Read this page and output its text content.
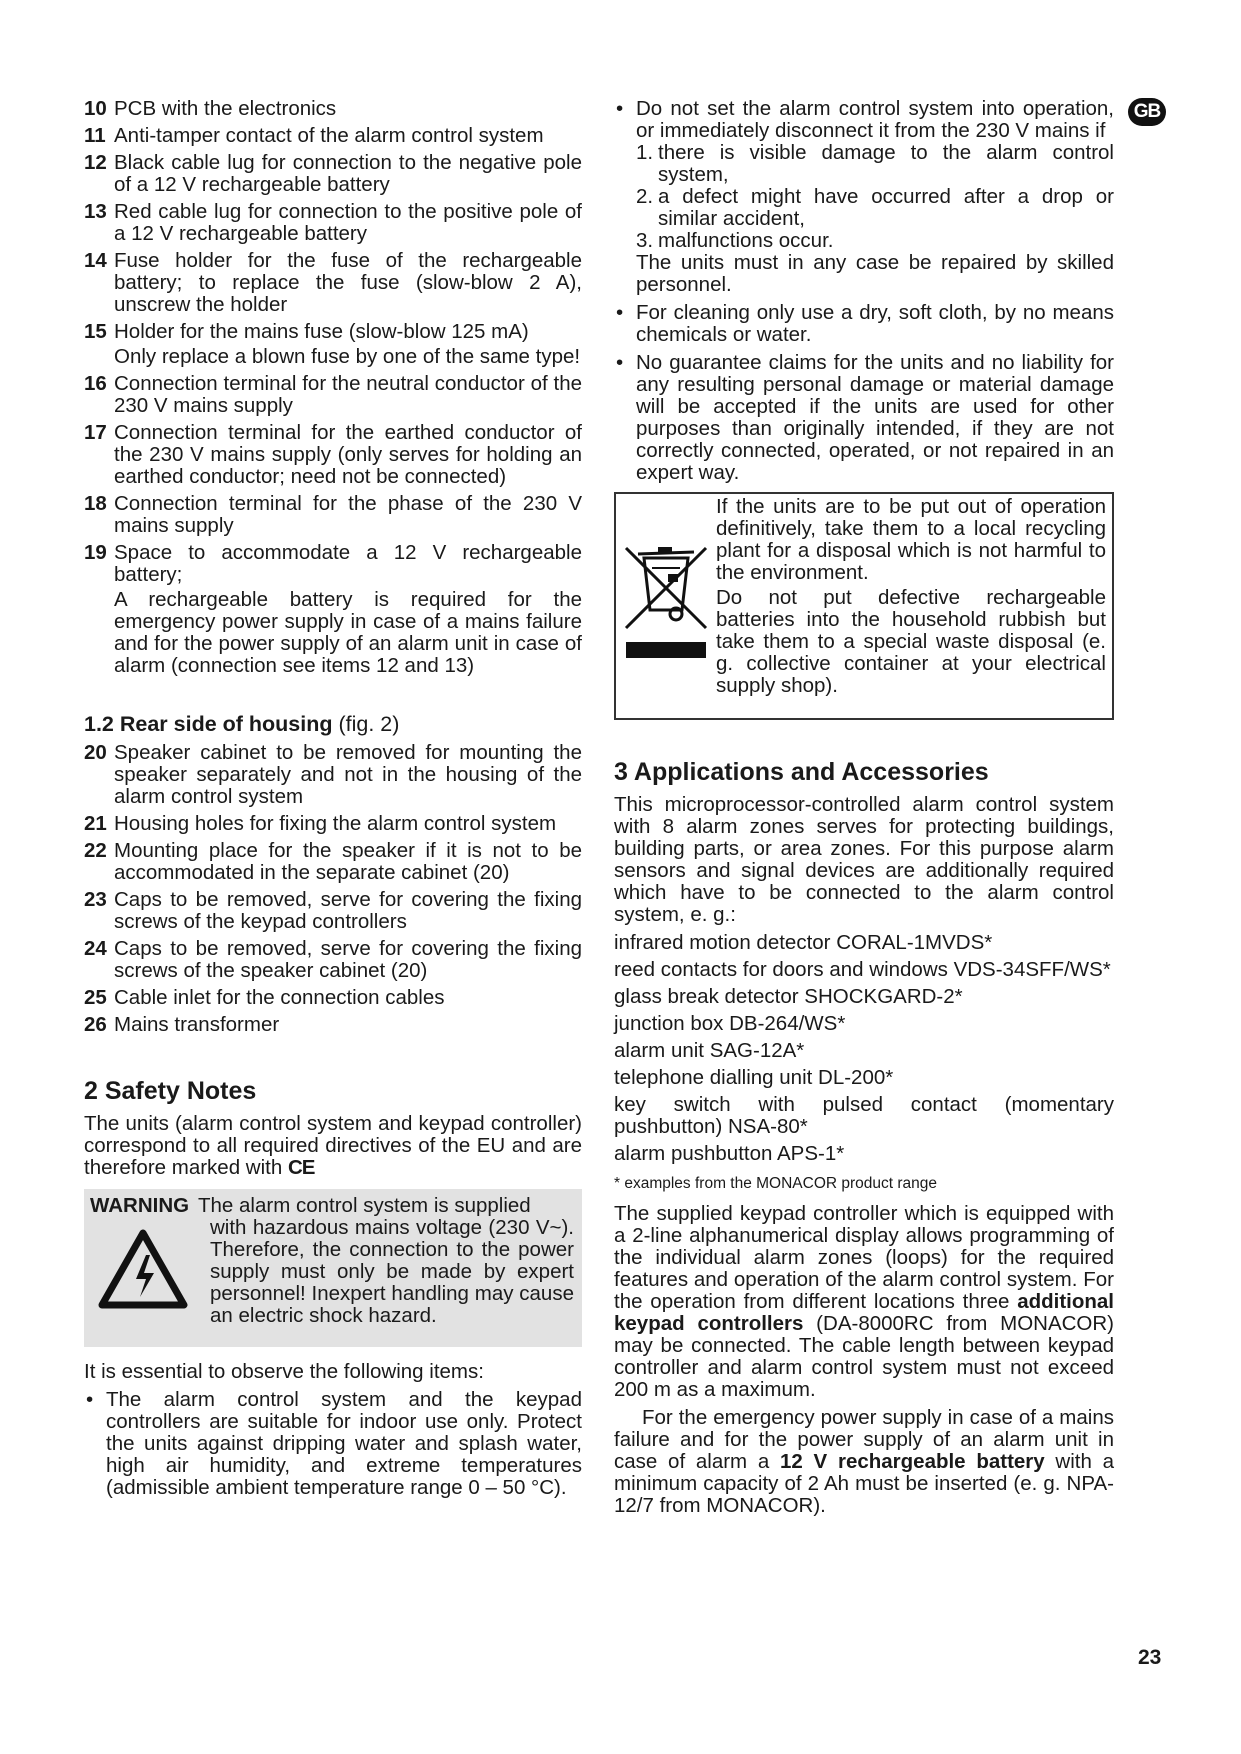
GB
10 PCB with the electronics
11 Anti-tamper contact of the alarm control system
12 Black cable lug for connection to the negative pole of a 12 V rechargeable battery
13 Red cable lug for connection to the positive pole of a 12 V rechargeable battery
14 Fuse holder for the fuse of the rechargeable battery; to replace the fuse (slow-blow 2 A), unscrew the holder
15 Holder for the mains fuse (slow-blow 125 mA)
Only replace a blown fuse by one of the same type!
16 Connection terminal for the neutral conductor of the 230 V mains supply
17 Connection terminal for the earthed conductor of the 230 V mains supply (only serves for holding an earthed conductor; need not be connected)
18 Connection terminal for the phase of the 230 V mains supply
19 Space to accommodate a 12 V rechargeable battery;
A rechargeable battery is required for the emergency power supply in case of a mains failure and for the power supply of an alarm unit in case of alarm (connection see items 12 and 13)
1.2 Rear side of housing (fig. 2)
20 Speaker cabinet to be removed for mounting the speaker separately and not in the housing of the alarm control system
21 Housing holes for fixing the alarm control system
22 Mounting place for the speaker if it is not to be accommodated in the separate cabinet (20)
23 Caps to be removed, serve for covering the fixing screws of the keypad controllers
24 Caps to be removed, serve for covering the fixing screws of the speaker cabinet (20)
25 Cable inlet for the connection cables
26 Mains transformer
2 Safety Notes

The units (alarm control system and keypad controller) correspond to all required directives of the EU and are therefore marked with CE

WARNING The alarm control system is supplied
with hazardous mains voltage (230 V~). Therefore, the connection to the power supply must only be made by expert personnel! Inexpert handling may cause an electric shock hazard.

It is essential to observe the following items:

• The alarm control system and the keypad controllers are suitable for indoor use only. Protect the units against dripping water and splash water, high air humidity, and extreme temperatures (admissible ambient temperature range 0 – 50 °C).
• Do not set the alarm control system into operation, or immediately disconnect it from the 230 V mains if
1. there is visible damage to the alarm control system,
2. a defect might have occurred after a drop or similar accident,
3. malfunctions occur.
The units must in any case be repaired by skilled personnel.
• For cleaning only use a dry, soft cloth, by no means chemicals or water.
• No guarantee claims for the units and no liability for any resulting personal damage or material damage will be accepted if the units are used for other purposes than originally intended, if they are not correctly connected, operated, or not repaired in an expert way.

If the units are to be put out of operation definitively, take them to a local recycling plant for a disposal which is not harmful to the environment.

Do not put defective rechargeable batteries into the household rubbish but take them to a special waste disposal (e. g. collective container at your electrical supply shop).

3 Applications and Accessories

This microprocessor-controlled alarm control system with 8 alarm zones serves for protecting buildings, building parts, or area zones. For this purpose alarm sensors and signal devices are additionally required which have to be connected to the alarm control system, e. g.:

infrared motion detector CORAL-1MVDS*
reed contacts for doors and windows VDS-34SFF/WS*
glass break detector SHOCKGARD-2*
junction box DB-264/WS*
alarm unit SAG-12A*
telephone dialling unit DL-200*
key switch with pulsed contact (momentary pushbutton) NSA-80*
alarm pushbutton APS-1*
* examples from the MONACOR product range

The supplied keypad controller which is equipped with a 2-line alphanumerical display allows programming of the individual alarm zones (loops) for the required features and operation of the alarm control system. For the operation from different locations three additional keypad controllers (DA-8000RC from MONACOR) may be connected. The cable length between keypad controller and alarm control system must not exceed 200 m as a maximum.

For the emergency power supply in case of a mains failure and for the power supply of an alarm unit in case of alarm a 12 V rechargeable battery with a minimum capacity of 2 Ah must be inserted (e. g. NPA-12/7 from MONACOR).

23
